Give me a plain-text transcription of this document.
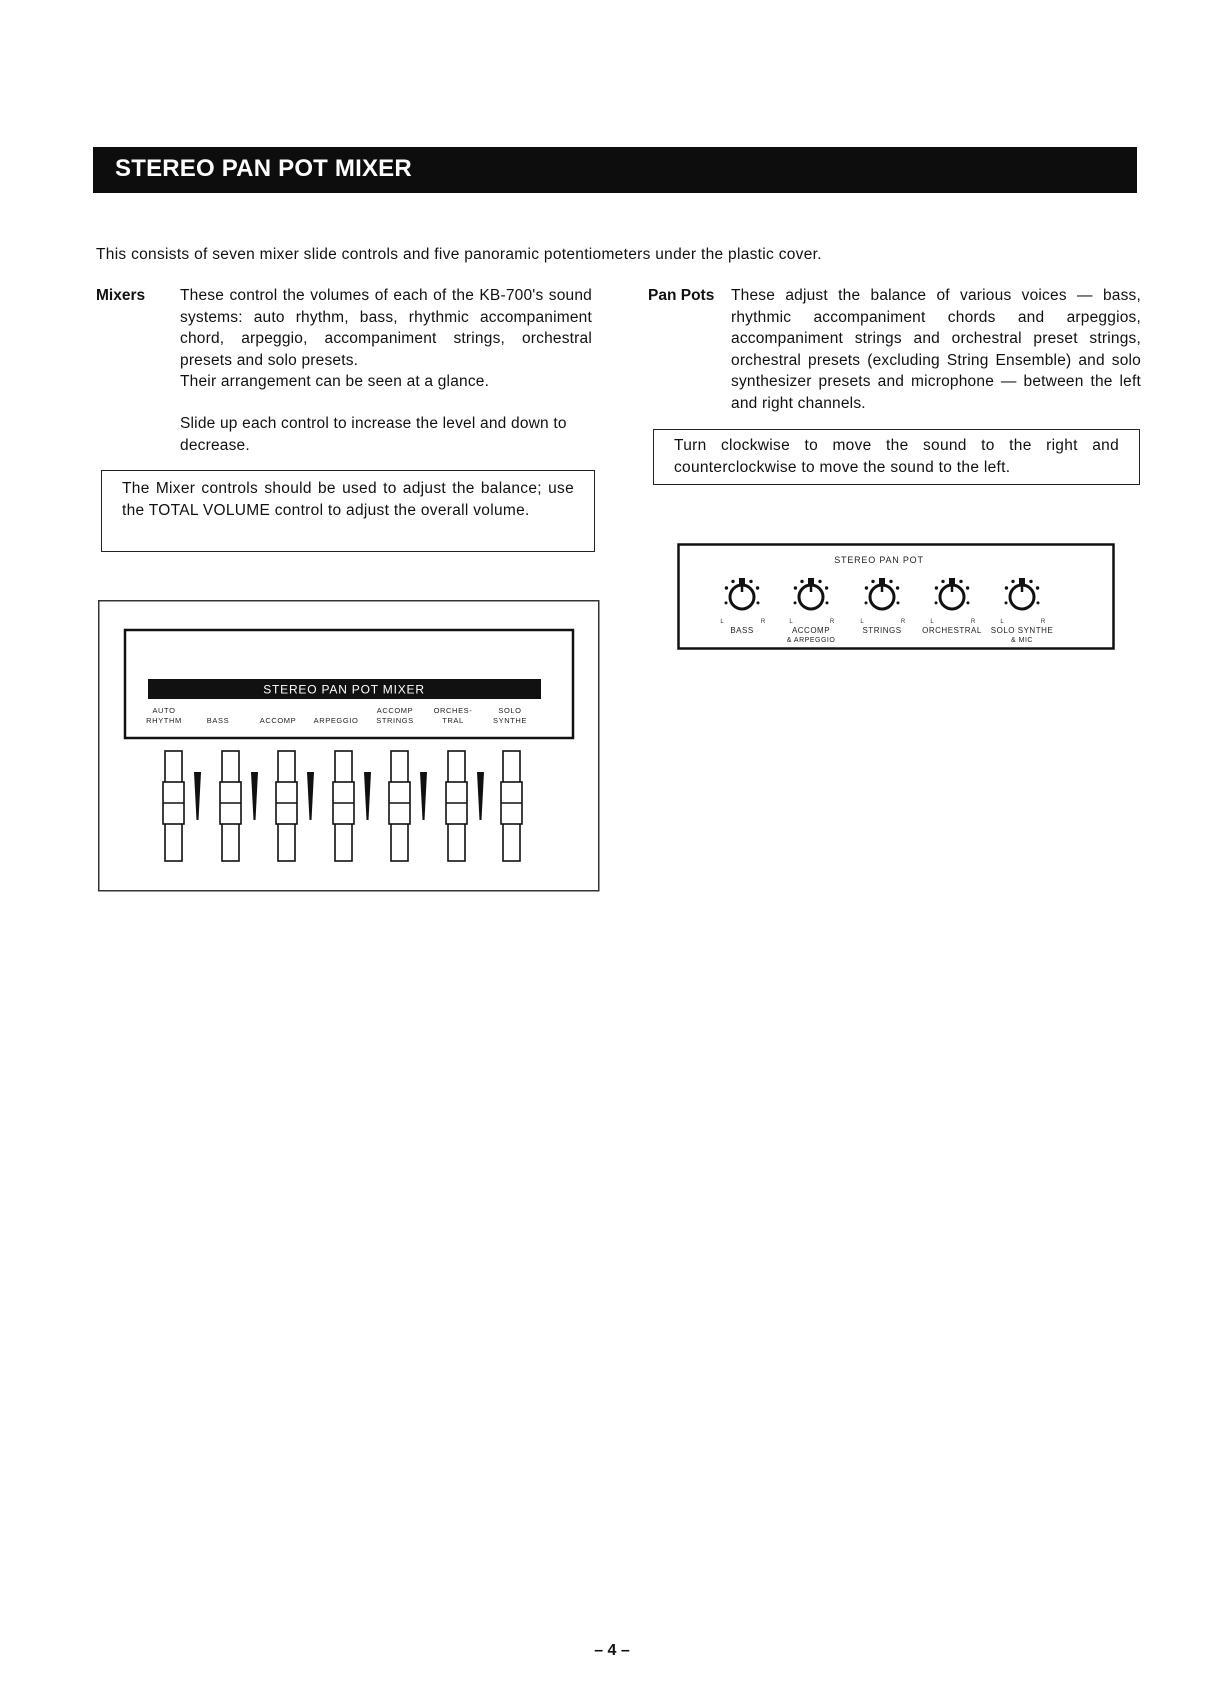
STEREO PAN POT MIXER
This consists of seven mixer slide controls and five panoramic potentiometers under the plastic cover.
Mixers These control the volumes of each of the KB-700's sound systems: auto rhythm, bass, rhythmic accompaniment chord, arpeggio, accompaniment strings, orchestral presets and solo presets.
Their arrangement can be seen at a glance.
Slide up each control to increase the level and down to decrease.
The Mixer controls should be used to adjust the balance; use the TOTAL VOLUME control to adjust the overall volume.
Pan Pots These adjust the balance of various voices — bass, rhythmic accompaniment chords and arpeggios, accompaniment strings and orchestral preset strings, orchestral presets (excluding String Ensemble) and solo synthesizer presets and microphone — between the left and right channels.
Turn clockwise to move the sound to the right and counterclockwise to move the sound to the left.
STEREO PAN POT MIXER
AUTO
RHYTHM	BASS	ACCOMP ARPEGGIO
ACCOMP
STRINGS
ORCHES-
TRAL
SOLO
SYNTHE
STEREO PAN POT
L	R
BASS
L	R
ACCOMP
& ARPEGGIO
L	R
STRINGS
L	R
ORCHESTRAL
L	R
SOLO SYNTHE
& MIC
– 4 –
